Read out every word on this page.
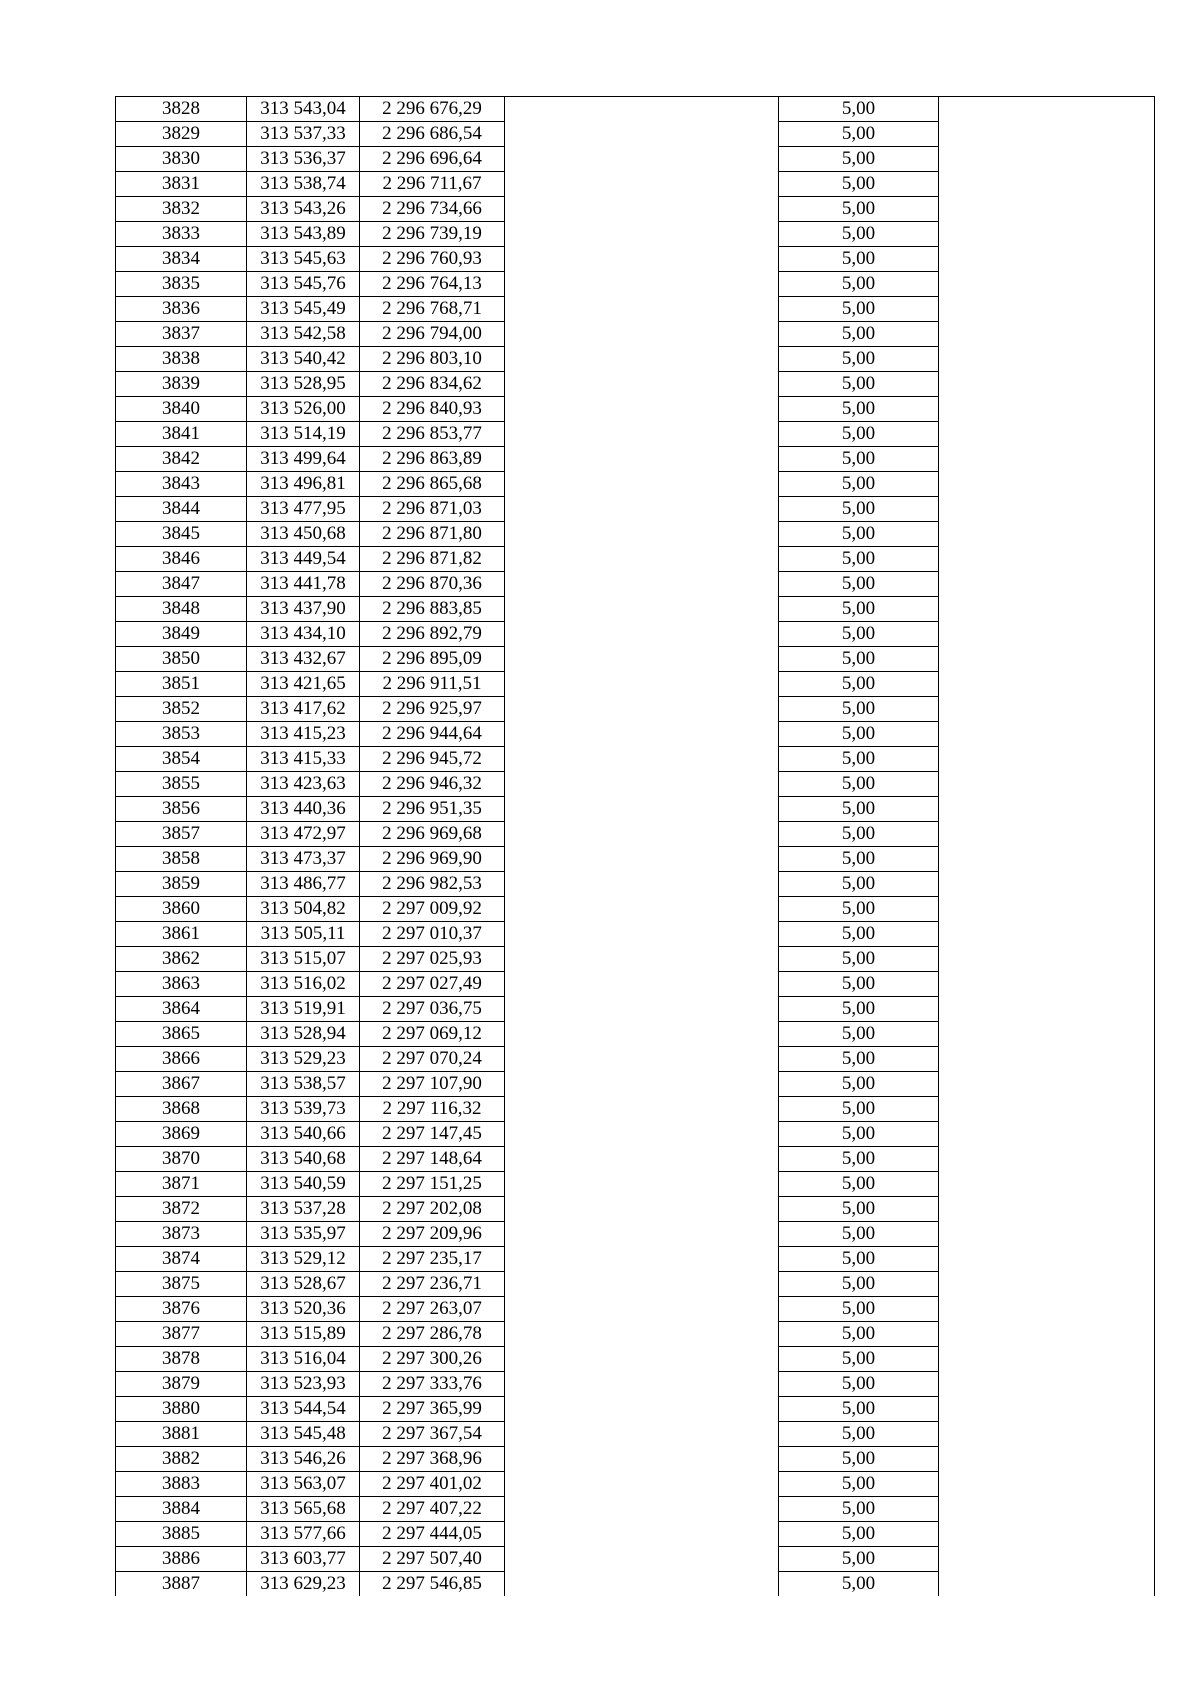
3828	313 543,04	2 296 676,29		5,00	
3829	313 537,33	2 296 686,54		5,00	
3830	313 536,37	2 296 696,64		5,00	
3831	313 538,74	2 296 711,67		5,00	
3832	313 543,26	2 296 734,66		5,00	
3833	313 543,89	2 296 739,19		5,00	
3834	313 545,63	2 296 760,93		5,00	
3835	313 545,76	2 296 764,13		5,00	
3836	313 545,49	2 296 768,71		5,00	
3837	313 542,58	2 296 794,00		5,00	
3838	313 540,42	2 296 803,10		5,00	
3839	313 528,95	2 296 834,62		5,00	
3840	313 526,00	2 296 840,93		5,00	
3841	313 514,19	2 296 853,77		5,00	
3842	313 499,64	2 296 863,89		5,00	
3843	313 496,81	2 296 865,68		5,00	
3844	313 477,95	2 296 871,03		5,00	
3845	313 450,68	2 296 871,80		5,00	
3846	313 449,54	2 296 871,82		5,00	
3847	313 441,78	2 296 870,36		5,00	
3848	313 437,90	2 296 883,85		5,00	
3849	313 434,10	2 296 892,79		5,00	
3850	313 432,67	2 296 895,09		5,00	
3851	313 421,65	2 296 911,51		5,00	
3852	313 417,62	2 296 925,97		5,00	
3853	313 415,23	2 296 944,64		5,00	
3854	313 415,33	2 296 945,72		5,00	
3855	313 423,63	2 296 946,32		5,00	
3856	313 440,36	2 296 951,35		5,00	
3857	313 472,97	2 296 969,68		5,00	
3858	313 473,37	2 296 969,90		5,00	
3859	313 486,77	2 296 982,53		5,00	
3860	313 504,82	2 297 009,92		5,00	
3861	313 505,11	2 297 010,37		5,00	
3862	313 515,07	2 297 025,93		5,00	
3863	313 516,02	2 297 027,49		5,00	
3864	313 519,91	2 297 036,75		5,00	
3865	313 528,94	2 297 069,12		5,00	
3866	313 529,23	2 297 070,24		5,00	
3867	313 538,57	2 297 107,90		5,00	
3868	313 539,73	2 297 116,32		5,00	
3869	313 540,66	2 297 147,45		5,00	
3870	313 540,68	2 297 148,64		5,00	
3871	313 540,59	2 297 151,25		5,00	
3872	313 537,28	2 297 202,08		5,00	
3873	313 535,97	2 297 209,96		5,00	
3874	313 529,12	2 297 235,17		5,00	
3875	313 528,67	2 297 236,71		5,00	
3876	313 520,36	2 297 263,07		5,00	
3877	313 515,89	2 297 286,78		5,00	
3878	313 516,04	2 297 300,26		5,00	
3879	313 523,93	2 297 333,76		5,00	
3880	313 544,54	2 297 365,99		5,00	
3881	313 545,48	2 297 367,54		5,00	
3882	313 546,26	2 297 368,96		5,00	
3883	313 563,07	2 297 401,02		5,00	
3884	313 565,68	2 297 407,22		5,00	
3885	313 577,66	2 297 444,05		5,00	
3886	313 603,77	2 297 507,40		5,00	
3887	313 629,23	2 297 546,85		5,00	
